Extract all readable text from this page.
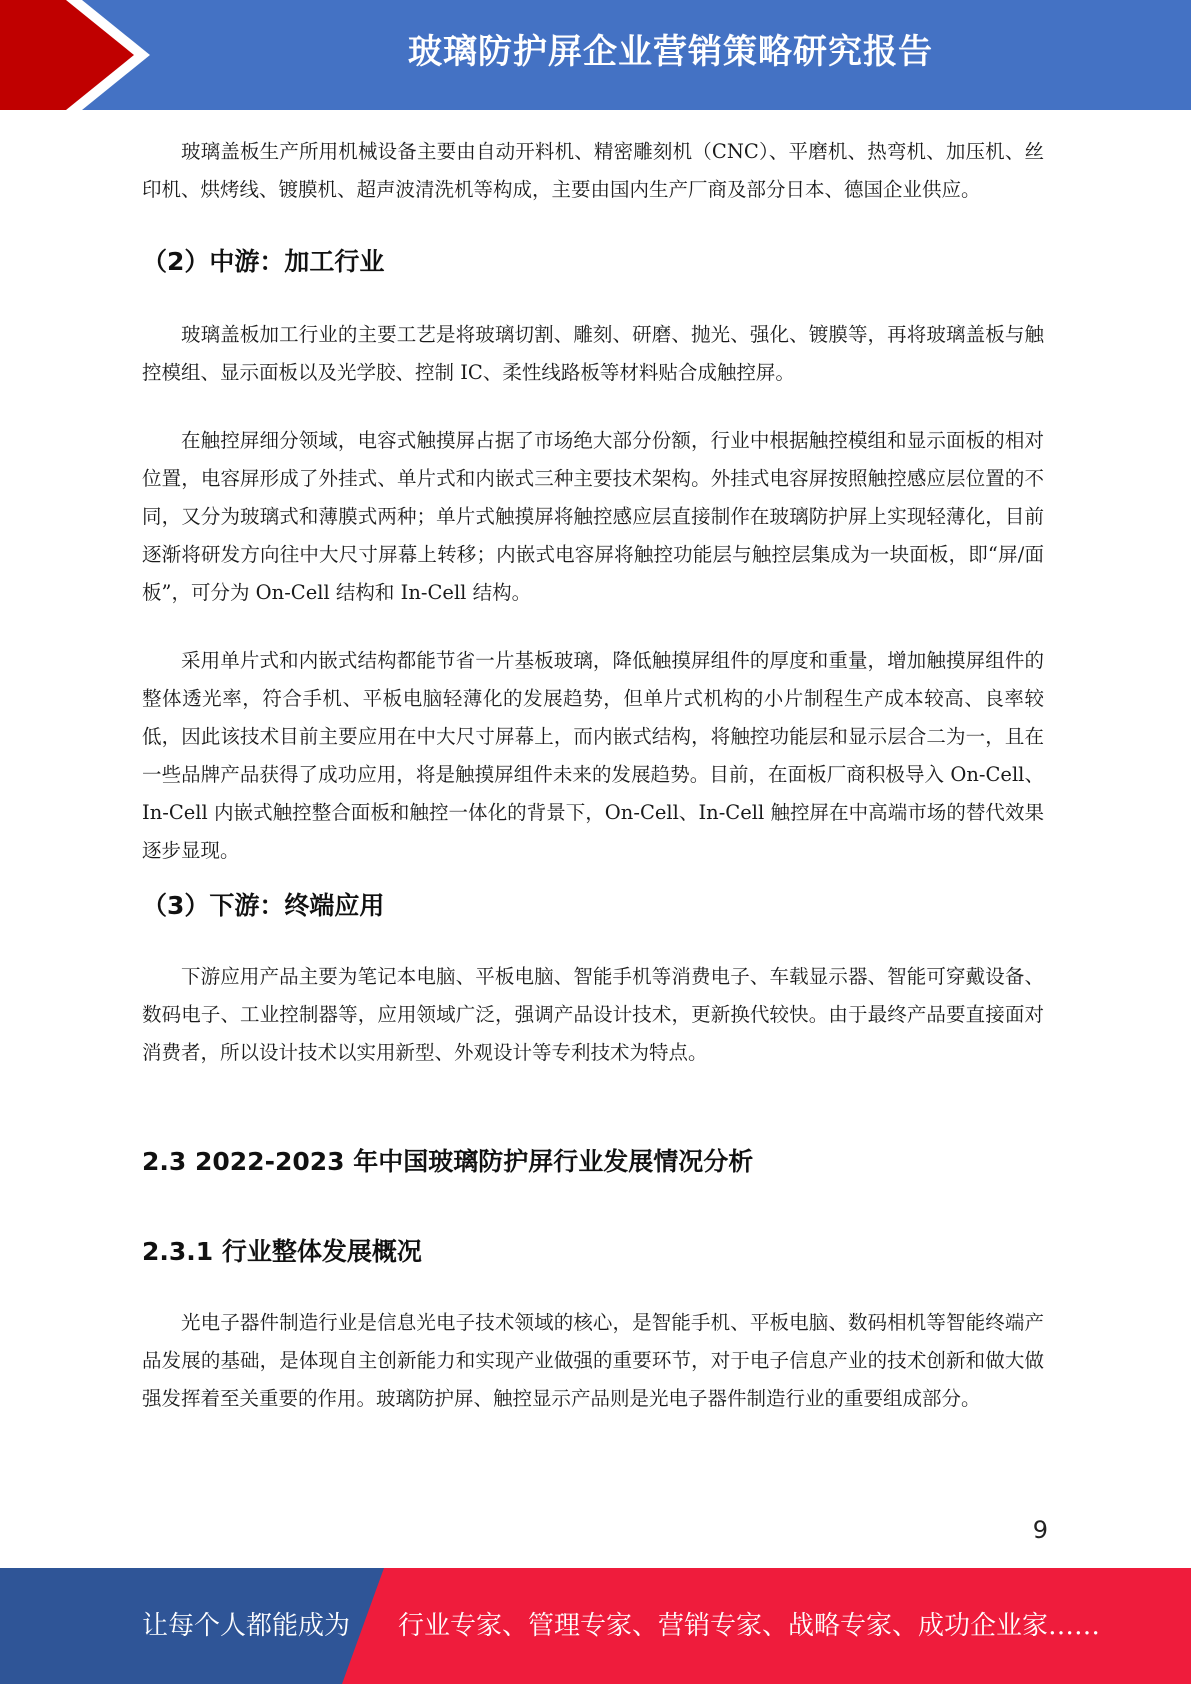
玻璃防护屏企业营销策略研究报告

玻璃盖板生产所用机械设备主要由自动开料机、精密雕刻机（CNC）、平磨机、热弯机、加压机、丝印机、烘烤线、镀膜机、超声波清洗机等构成，主要由国内生产厂商及部分日本、德国企业供应。

（2）中游：加工行业

玻璃盖板加工行业的主要工艺是将玻璃切割、雕刻、研磨、抛光、强化、镀膜等，再将玻璃盖板与触控模组、显示面板以及光学胶、控制 IC、柔性线路板等材料贴合成触控屏。

在触控屏细分领域，电容式触摸屏占据了市场绝大部分份额，行业中根据触控模组和显示面板的相对位置，电容屏形成了外挂式、单片式和内嵌式三种主要技术架构。外挂式电容屏按照触控感应层位置的不同，又分为玻璃式和薄膜式两种；单片式触摸屏将触控感应层直接制作在玻璃防护屏上实现轻薄化，目前逐渐将研发方向往中大尺寸屏幕上转移；内嵌式电容屏将触控功能层与触控层集成为一块面板，即“屏/面板”，可分为 On-Cell 结构和 In-Cell 结构。

采用单片式和内嵌式结构都能节省一片基板玻璃，降低触摸屏组件的厚度和重量，增加触摸屏组件的整体透光率，符合手机、平板电脑轻薄化的发展趋势，但单片式机构的小片制程生产成本较高、良率较低，因此该技术目前主要应用在中大尺寸屏幕上，而内嵌式结构，将触控功能层和显示层合二为一，且在一些品牌产品获得了成功应用，将是触摸屏组件未来的发展趋势。目前，在面板厂商积极导入 On-Cell、In-Cell 内嵌式触控整合面板和触控一体化的背景下，On-Cell、In-Cell 触控屏在中高端市场的替代效果逐步显现。

（3）下游：终端应用

下游应用产品主要为笔记本电脑、平板电脑、智能手机等消费电子、车载显示器、智能可穿戴设备、数码电子、工业控制器等，应用领域广泛，强调产品设计技术，更新换代较快。由于最终产品要直接面对消费者，所以设计技术以实用新型、外观设计等专利技术为特点。

2.3 2022-2023 年中国玻璃防护屏行业发展情况分析
2.3.1 行业整体发展概况

光电子器件制造行业是信息光电子技术领域的核心，是智能手机、平板电脑、数码相机等智能终端产品发展的基础，是体现自主创新能力和实现产业做强的重要环节，对于电子信息产业的技术创新和做大做强发挥着至关重要的作用。玻璃防护屏、触控显示产品则是光电子器件制造行业的重要组成部分。

9
让每个人都能成为 行业专家、管理专家、营销专家、战略专家、成功企业家……
